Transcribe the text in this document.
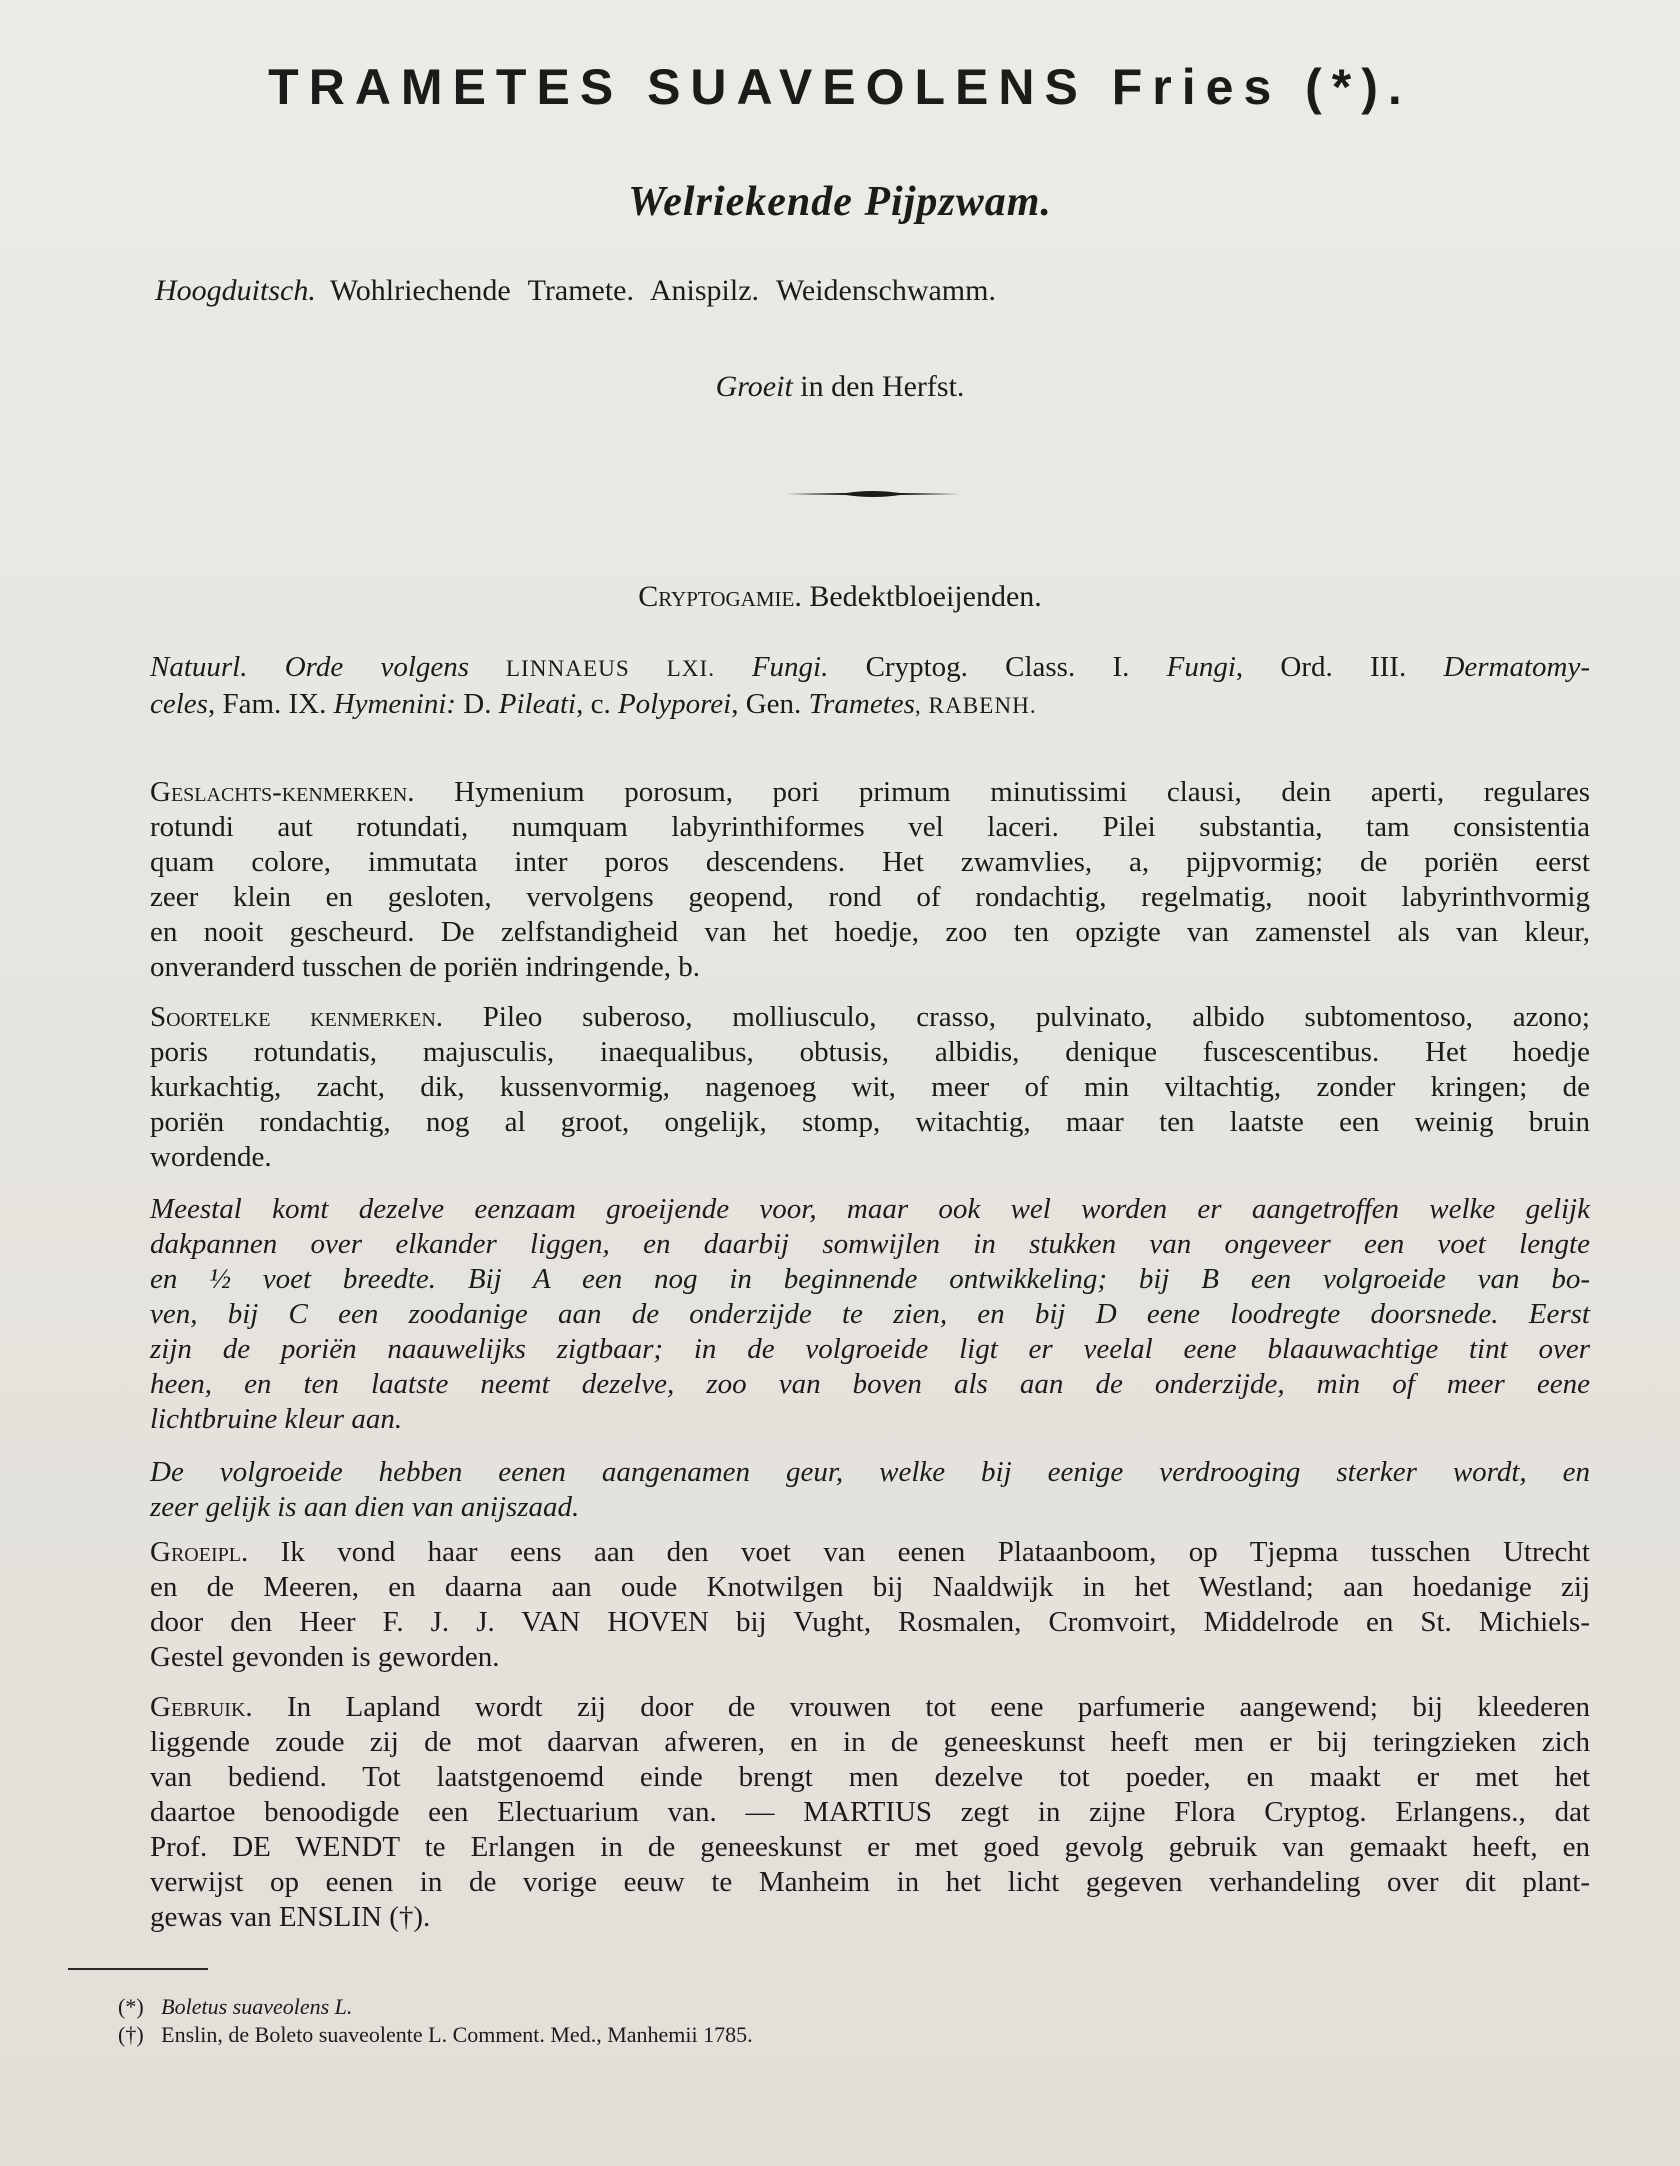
TRAMETES SUAVEOLENS Fries (*).
Welriekende Pijpzwam.
Hoogduitsch. Wohlriechende Tramete. Anispilz. Weidenschwamm.
Groeit in den Herfst.
Cryptogamie. Bedektbloeijenden.
Natuurl. Orde volgens LINNAEUS LXI. Fungi. Cryptog. Class. I. Fungi, Ord. III. Dermatomy-
celes, Fam. IX. Hymenini: D. Pileati, c. Polyporei, Gen. Trametes, RABENH.
Geslachts-kenmerken. Hymenium porosum, pori primum minutissimi clausi, dein aperti, regulares
rotundi aut rotundati, numquam labyrinthiformes vel laceri. Pilei substantia, tam consistentia
quam colore, immutata inter poros descendens. Het zwamvlies, a, pijpvormig; de poriën eerst
zeer klein en gesloten, vervolgens geopend, rond of rondachtig, regelmatig, nooit labyrinthvormig
en nooit gescheurd. De zelfstandigheid van het hoedje, zoo ten opzigte van zamenstel als van kleur,
onveranderd tusschen de poriën indringende, b.
Soortelke kenmerken. Pileo suberoso, molliusculo, crasso, pulvinato, albido subtomentoso, azono;
poris rotundatis, majusculis, inaequalibus, obtusis, albidis, denique fuscescentibus. Het hoedje
kurkachtig, zacht, dik, kussenvormig, nagenoeg wit, meer of min viltachtig, zonder kringen; de
poriën rondachtig, nog al groot, ongelijk, stomp, witachtig, maar ten laatste een weinig bruin
wordende.
Meestal komt dezelve eenzaam groeijende voor, maar ook wel worden er aangetroffen welke gelijk
dakpannen over elkander liggen, en daarbij somwijlen in stukken van ongeveer een voet lengte
en ½ voet breedte. Bij A een nog in beginnende ontwikkeling; bij B een volgroeide van bo-
ven, bij C een zoodanige aan de onderzijde te zien, en bij D eene loodregte doorsnede. Eerst
zijn de poriën naauwelijks zigtbaar; in de volgroeide ligt er veelal eene blaauwachtige tint over
heen, en ten laatste neemt dezelve, zoo van boven als aan de onderzijde, min of meer eene
lichtbruine kleur aan.
De volgroeide hebben eenen aangenamen geur, welke bij eenige verdrooging sterker wordt, en
zeer gelijk is aan dien van anijszaad.
Groeipl. Ik vond haar eens aan den voet van eenen Plataanboom, op Tjepma tusschen Utrecht
en de Meeren, en daarna aan oude Knotwilgen bij Naaldwijk in het Westland; aan hoedanige zij
door den Heer F. J. J. VAN HOVEN bij Vught, Rosmalen, Cromvoirt, Middelrode en St. Michiels-
Gestel gevonden is geworden.
Gebruik. In Lapland wordt zij door de vrouwen tot eene parfumerie aangewend; bij kleederen
liggende zoude zij de mot daarvan afweren, en in de geneeskunst heeft men er bij teringzieken zich
van bediend. Tot laatstgenoemd einde brengt men dezelve tot poeder, en maakt er met het
daartoe benoodigde een Electuarium van. — MARTIUS zegt in zijne Flora Cryptog. Erlangens., dat
Prof. DE WENDT te Erlangen in de geneeskunst er met goed gevolg gebruik van gemaakt heeft, en
verwijst op eenen in de vorige eeuw te Manheim in het licht gegeven verhandeling over dit plant-
gewas van ENSLIN (†).
(*) Boletus suaveolens L.
(†) Enslin, de Boleto suaveolente L. Comment. Med., Manhemii 1785.
